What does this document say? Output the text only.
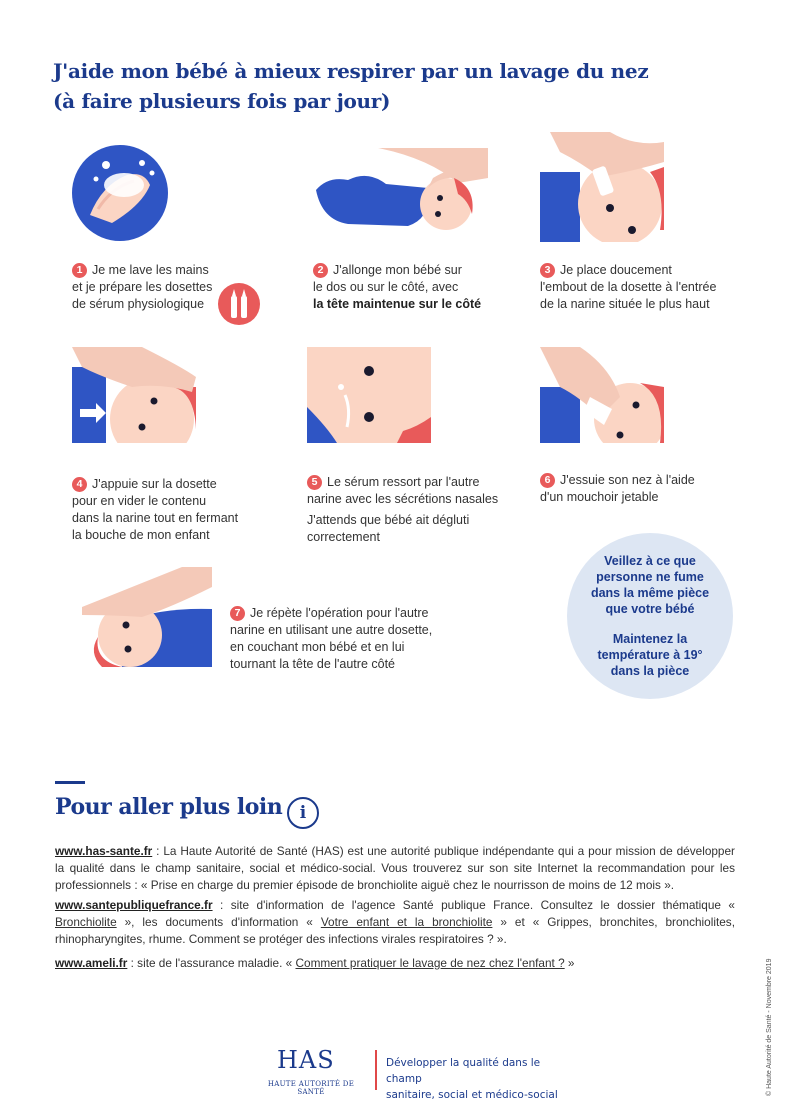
J'aide mon bébé à mieux respirer par un lavage du nez
(à faire plusieurs fois par jour)
1 Je me lave les mains
et je prépare les dosettes
de sérum physiologique
2 J'allonge mon bébé sur
le dos ou sur le côté, avec
la tête maintenue sur le côté
3 Je place doucement
l'embout de la dosette à l'entrée
de la narine située le plus haut
4 J'appuie sur la dosette
pour en vider le contenu
dans la narine tout en fermant
la bouche de mon enfant
5 Le sérum ressort par l'autre
narine avec les sécrétions nasales
J'attends que bébé ait dégluti
correctement
6 J'essuie son nez à l'aide
d'un mouchoir jetable
7 Je répète l'opération pour l'autre
narine en utilisant une autre dosette,
en couchant mon bébé et en lui
tournant la tête de l'autre côté

Veillez à ce que

personne ne fume

dans la même pièce

que votre bébé

Maintenez la

température à 19°

dans la pièce

Pour aller plus loin	i
www.has-sante.fr : La Haute Autorité de Santé (HAS) est une autorité publique indépendante qui a pour mission de développer la qualité dans le champ sanitaire, social et médico-social. Vous trouverez sur son site Internet la recommandation pour les professionnels : « Prise en charge du premier épisode de bronchiolite aiguë chez le nourrisson de moins de 12 mois ».
www.santepubliquefrance.fr : site d'information de l'agence Santé publique France. Consultez le dossier thématique « Bronchiolite », les documents d'information « Votre enfant et la bronchiolite » et « Grippes, bronchites, bronchiolites, rhinopharyngites, rhume. Comment se protéger des infections virales respiratoires ? ».
www.ameli.fr : site de l'assurance maladie. « Comment pratiquer le lavage de nez chez l'enfant ? »
HAS
HAUTE AUTORITÉ DE SANTÉ
Développer la qualité dans le champ
sanitaire, social et médico-social	© Haute Autorité de Santé - Novembre 2019
